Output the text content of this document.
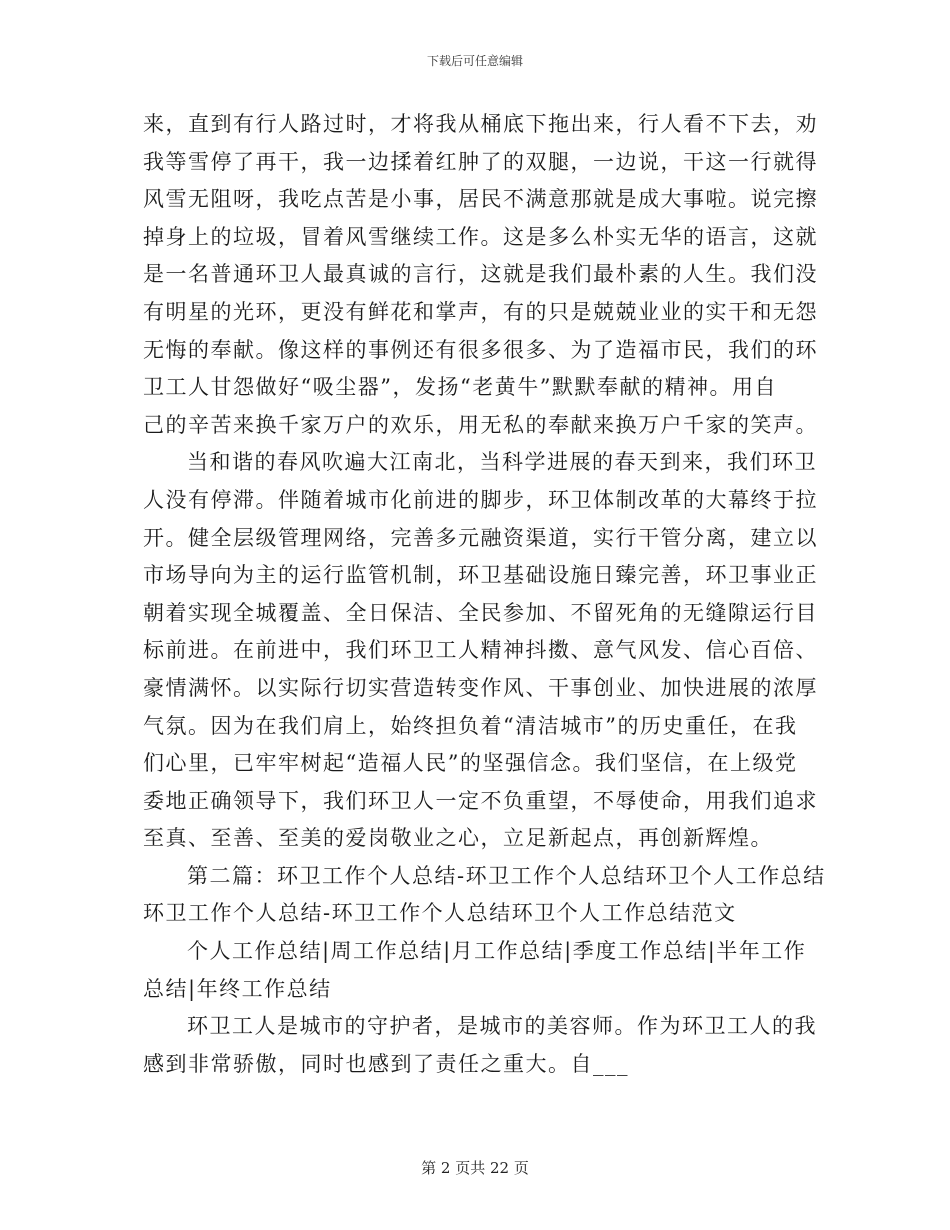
下载后可任意编辑
来，直到有行人路过时，才将我从桶底下拖出来，行人看不下去，劝
我等雪停了再干，我一边揉着红肿了的双腿，一边说，干这一行就得
风雪无阻呀，我吃点苦是小事，居民不满意那就是成大事啦。说完擦
掉身上的垃圾，冒着风雪继续工作。这是多么朴实无华的语言，这就
是一名普通环卫人最真诚的言行，这就是我们最朴素的人生。我们没
有明星的光环，更没有鲜花和掌声，有的只是兢兢业业的实干和无怨
无悔的奉献。像这样的事例还有很多很多、为了造福市民，我们的环
卫工人甘怨做好“吸尘器”，发扬“老黄牛”默默奉献的精神。用自
己的辛苦来换千家万户的欢乐，用无私的奉献来换万户千家的笑声。
当和谐的春风吹遍大江南北，当科学进展的春天到来，我们环卫
人没有停滞。伴随着城市化前进的脚步，环卫体制改革的大幕终于拉
开。健全层级管理网络，完善多元融资渠道，实行干管分离，建立以
市场导向为主的运行监管机制，环卫基础设施日臻完善，环卫事业正
朝着实现全城覆盖、全日保洁、全民参加、不留死角的无缝隙运行目
标前进。在前进中，我们环卫工人精神抖擞、意气风发、信心百倍、
豪情满怀。以实际行切实营造转变作风、干事创业、加快进展的浓厚
气氛。因为在我们肩上，始终担负着“清洁城市”的历史重任，在我
们心里，已牢牢树起“造福人民”的坚强信念。我们坚信，在上级党
委地正确领导下，我们环卫人一定不负重望，不辱使命，用我们追求
至真、至善、至美的爱岗敬业之心，立足新起点，再创新辉煌。
第二篇：环卫工作个人总结-环卫工作个人总结环卫个人工作总结
环卫工作个人总结-环卫工作个人总结环卫个人工作总结范文
个人工作总结|周工作总结|月工作总结|季度工作总结|半年工作
总结|年终工作总结
环卫工人是城市的守护者，是城市的美容师。作为环卫工人的我
感到非常骄傲，同时也感到了责任之重大。自___
第 2 页共 22 页
